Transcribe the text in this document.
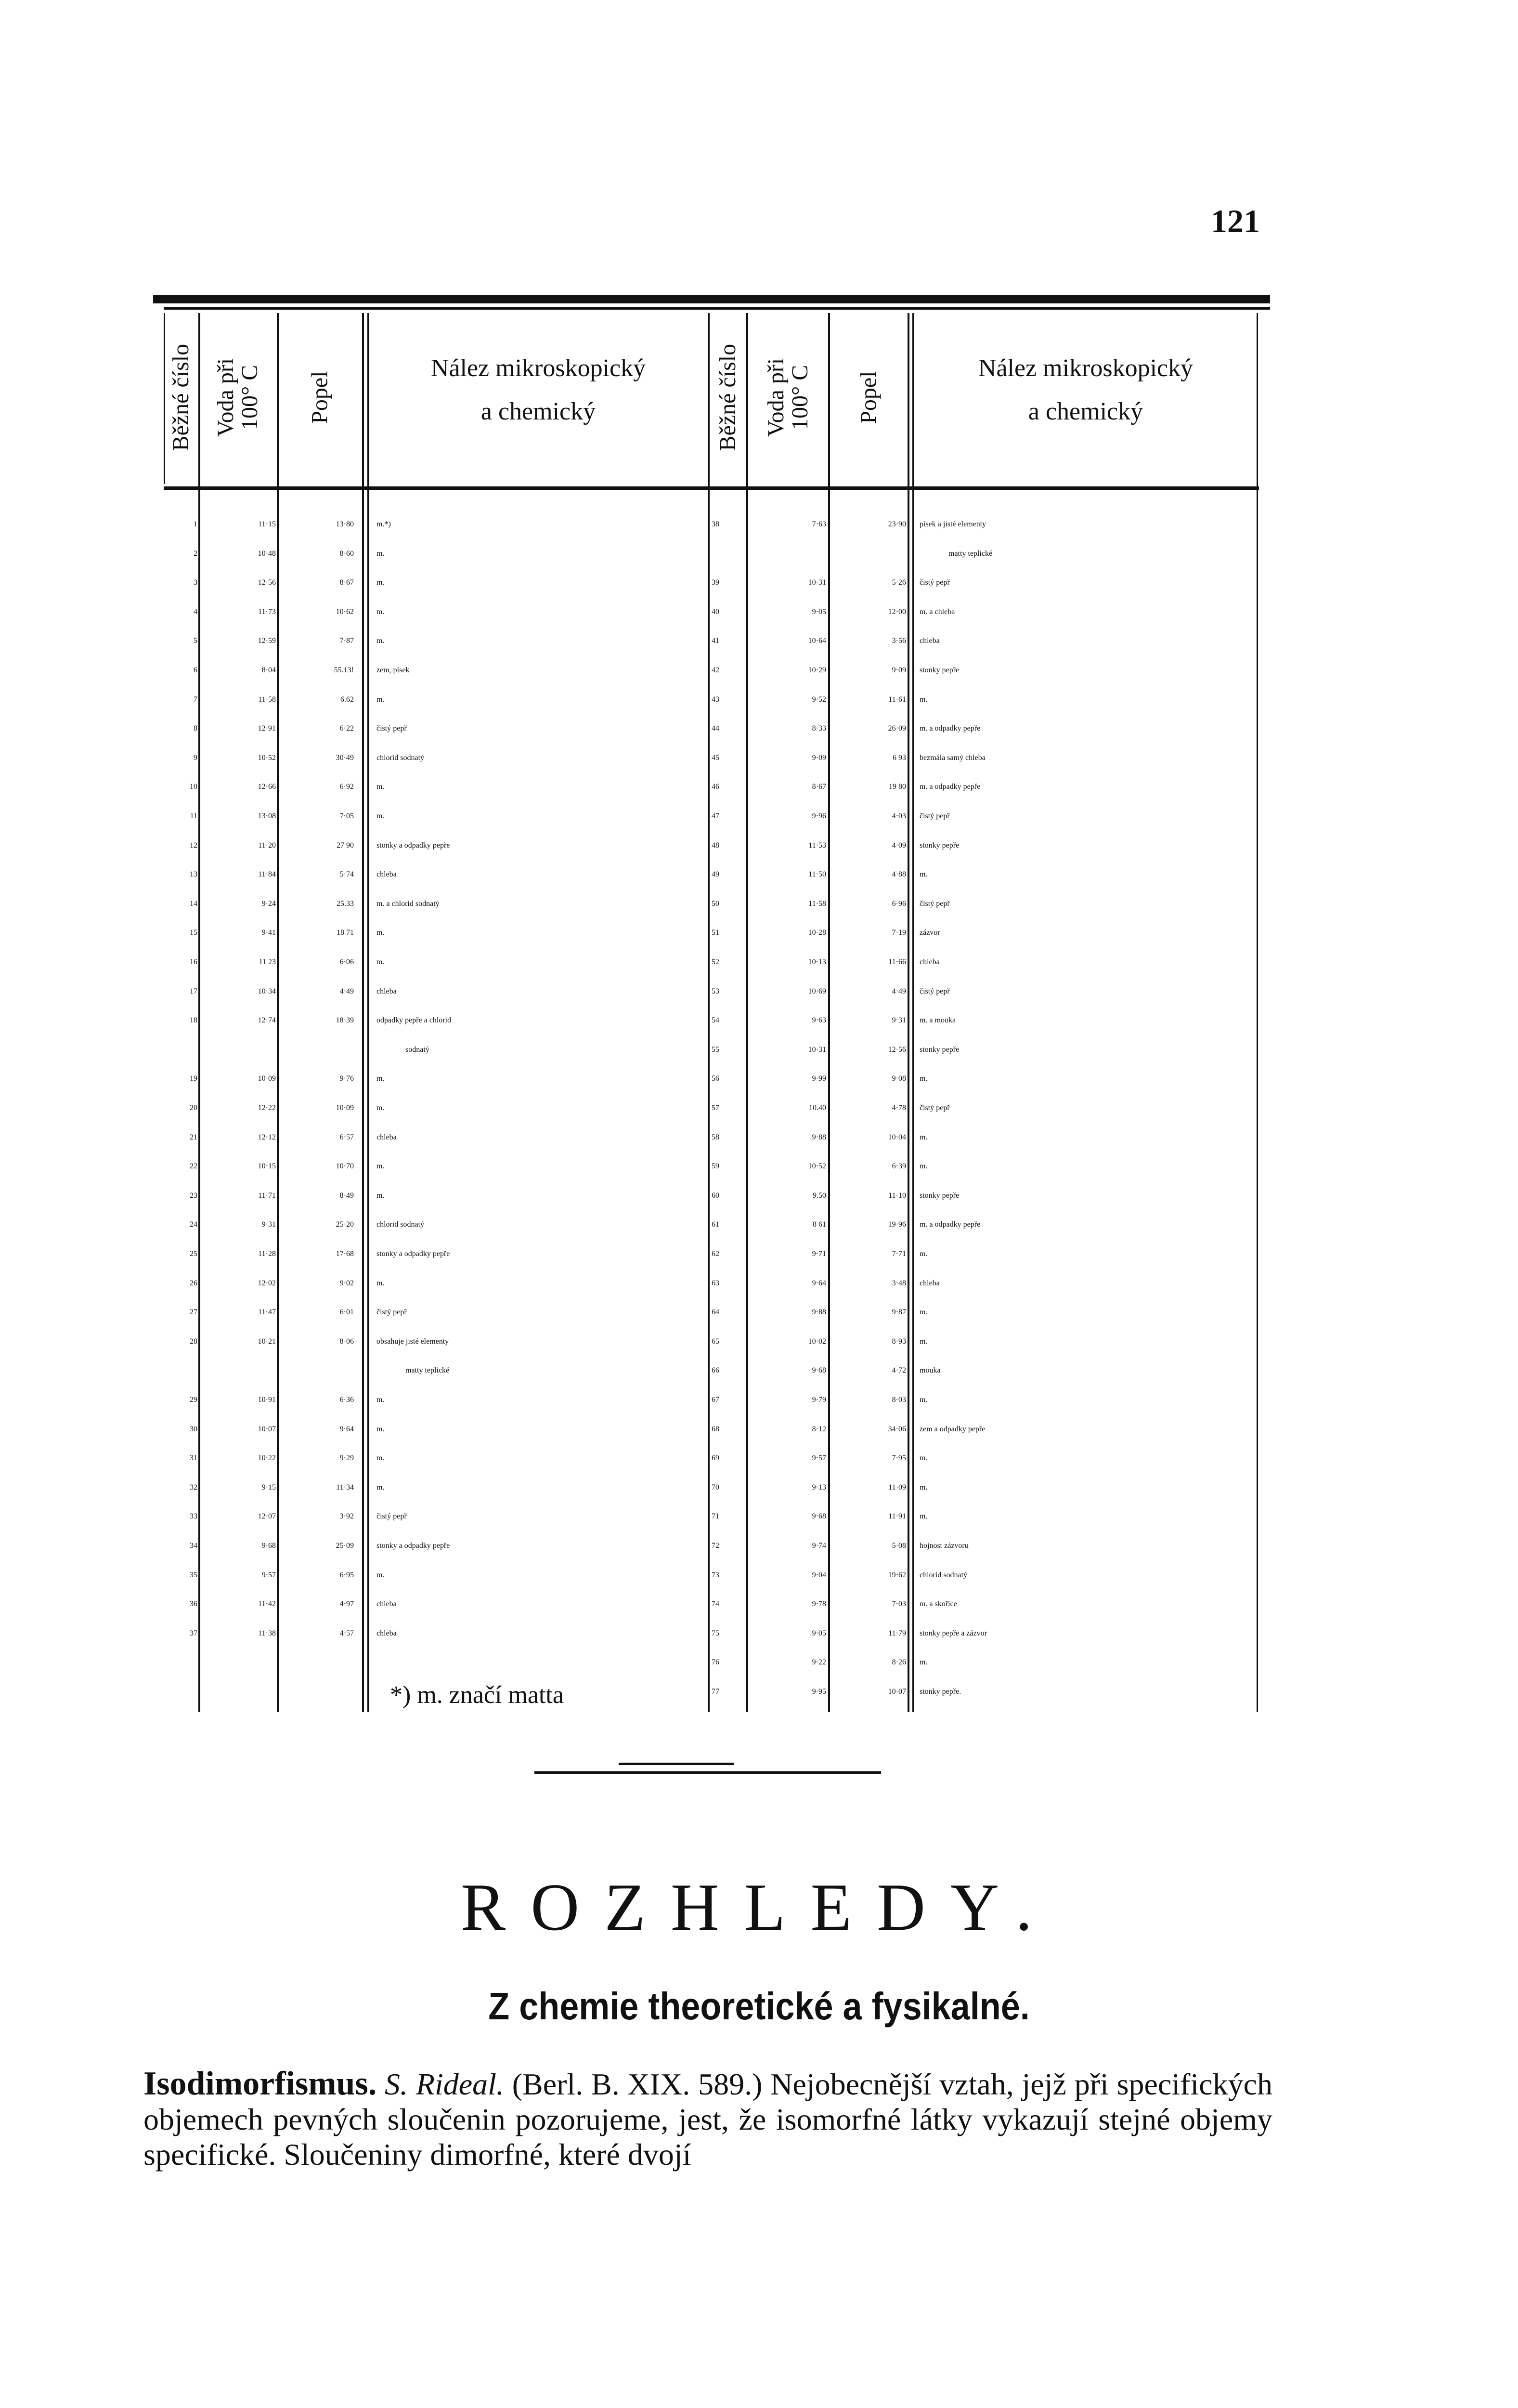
121
Běžné číslo Voda při
100° C Popel
Nález mikroskopický
a chemický	Běžné číslo Voda při
100° C Popel
Nález mikroskopický
a chemický
1	11·15	13·80	m.*)
2	10·48	8·60	m.
3	12·56	8·67	m.
4	11·73	10·62	m.
5	12·59	7·87	m.
6	8·04	55.13!	zem, písek
7	11·58	6.62	m.
8	12·91	6·22	čistý pepř
9	10·52	30·49	chlorid sodnatý
10	12·66	6·92	m.
11	13·08	7·05	m.
12	11·20	27 90	stonky a odpadky pepře
13	11·84	5·74	chleba
14	9·24	25.33	m. a chlorid sodnatý
15	9·41	18 71	m.
16	11 23	6·06	m.
17	10·34	4·49	chleba
18	12·74	18·39	odpadky pepře a chlorid
sodnatý
19	10·09	9·76	m.
20	12·22	10·09	m.
21	12·12	6·57	chleba
22	10·15	10·70	m.
23	11·71	8·49	m.
24	9·31	25·20	chlorid sodnatý
25	11·28	17·68	stonky a odpadky pepře
26	12·02	9·02	m.
27	11·47	6·01	čistý pepř
28	10·21	8·06	obsahuje jisté elementy
matty teplické
29	10·91	6·36	m.
30	10·07	9·64	m.
31	10·22	9·29	m.
32	9·15	11·34	m.
33	12·07	3·92	čistý pepř
34	9·68	25·09	stonky a odpadky pepře
35	9·57	6·95	m.
36	11·42	4·97	chleba
37	11·38	4·57	chleba
38	7·63	23·90 písek a jisté elementy
matty teplické
39	10·31	5·26 čistý pepř
40	9·05	12·00 m. a chleba
41	10·64	3·56 chleba
42	10·29	9·09 stonky pepře
43	9·52	11·61 m.
44	8·33	26·09 m. a odpadky pepře
45	9·09	6 93 bezmála samý chleba
46	8·67	19 80 m. a odpadky pepře
47	9·96	4·03 čistý pepř
48	11·53	4·09 stonky pepře
49	11·50	4·88 m.
50	11·58	6·96 čistý pepř
51	10·28	7·19 zázvor
52	10·13	11·66 chleba
53	10·69	4·49 čistý pepř
54	9·63	9·31 m. a mouka
55	10·31	12·56 stonky pepře
56	9·99	9·08 m.
57	10.40	4·78 čistý pepř
58	9·88	10·04 m.
59	10·52	6·39 m.
60	9.50	11·10 stonky pepře
61	8 61	19·96 m. a odpadky pepře
62	9·71	7·71 m.
63	9·64	3·48 chleba
64	9·88	9·87 m.
65	10·02	8·93 m.
66	9·68	4·72 mouka
67	9·79	8·03 m.
68	8·12	34·06 zem a odpadky pepře
69	9·57	7·95 m.
70	9·13	11·09 m.
71	9·68	11·91 m.
72	9·74	5·08 hojnost zázvoru
73	9·04	19·62 chlorid sodnatý
74	9·78	7·03 m. a skořice
75	9·05	11·79 stonky pepře a zázvor
76	9·22	8·26 m.
77	9·95	10·07 stonky pepře.
*) m. značí matta
ROZHLEDY.
Z chemie theoretické a fysikalné.
Isodimorfismus. S. Rideal. (Berl. B. XIX. 589.) Nejobecnější vztah, jejž při specifických objemech pevných sloučenin pozorujeme, jest, že isomorfné látky vykazují stejné objemy specifické. Sloučeniny dimorfné, které dvojí
